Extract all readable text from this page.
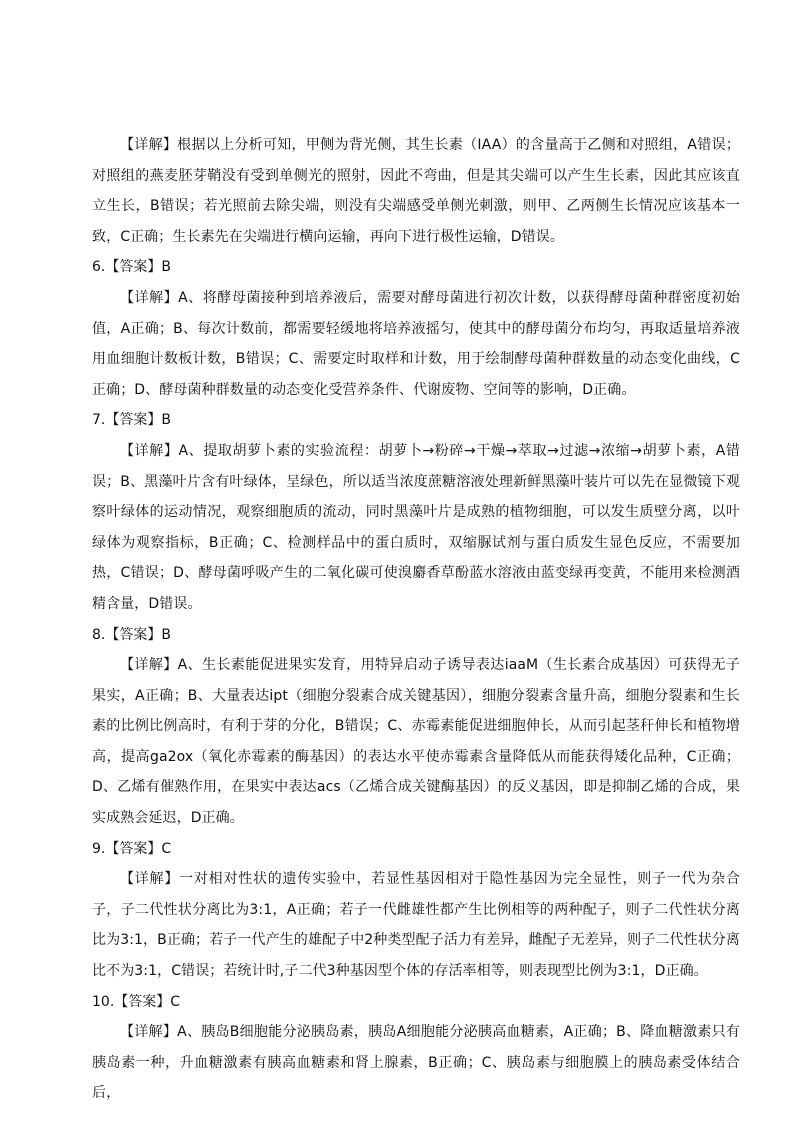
【详解】根据以上分析可知，甲侧为背光侧，其生长素（IAA）的含量高于乙侧和对照组，A错误；对照组的燕麦胚芽鞘没有受到单侧光的照射，因此不弯曲，但是其尖端可以产生生长素，因此其应该直立生长，B错误；若光照前去除尖端，则没有尖端感受单侧光刺激，则甲、乙两侧生长情况应该基本一致，C正确；生长素先在尖端进行横向运输，再向下进行极性运输，D错误。

6.【答案】B

【详解】A、将酵母菌接种到培养液后，需要对酵母菌进行初次计数，以获得酵母菌种群密度初始值，A正确；B、每次计数前，都需要轻缓地将培养液摇匀，使其中的酵母菌分布均匀，再取适量培养液用血细胞计数板计数，B错误；C、需要定时取样和计数，用于绘制酵母菌种群数量的动态变化曲线，C正确；D、酵母菌种群数量的动态变化受营养条件、代谢废物、空间等的影响，D正确。

7.【答案】B

【详解】A、提取胡萝卜素的实验流程：胡萝卜→粉碎→干燥→萃取→过滤→浓缩→胡萝卜素，A错误；B、黑藻叶片含有叶绿体，呈绿色，所以适当浓度蔗糖溶液处理新鲜黑藻叶装片可以先在显微镜下观察叶绿体的运动情况，观察细胞质的流动，同时黑藻叶片是成熟的植物细胞，可以发生质壁分离，以叶绿体为观察指标，B正确；C、检测样品中的蛋白质时，双缩脲试剂与蛋白质发生显色反应，不需要加热，C错误；D、酵母菌呼吸产生的二氧化碳可使溴麝香草酚蓝水溶液由蓝变绿再变黄，不能用来检测酒精含量，D错误。

8.【答案】B

【详解】A、生长素能促进果实发育，用特异启动子诱导表达iaaM（生长素合成基因）可获得无子果实，A正确；B、大量表达ipt（细胞分裂素合成关键基因），细胞分裂素含量升高，细胞分裂素和生长素的比例比例高时，有利于芽的分化，B错误；C、赤霉素能促进细胞伸长，从而引起茎秆伸长和植物增高，提高ga2ox（氧化赤霉素的酶基因）的表达水平使赤霉素含量降低从而能获得矮化品种，C正确；D、乙烯有催熟作用，在果实中表达acs（乙烯合成关键酶基因）的反义基因，即是抑制乙烯的合成，果实成熟会延迟，D正确。

9.【答案】C

【详解】一对相对性状的遗传实验中，若显性基因相对于隐性基因为完全显性，则子一代为杂合子，子二代性状分离比为3:1，A正确；若子一代雌雄性都产生比例相等的两种配子，则子二代性状分离比为3:1，B正确；若子一代产生的雄配子中2种类型配子活力有差异，雌配子无差异，则子二代性状分离比不为3:1，C错误；若统计时,子二代3种基因型个体的存活率相等，则表现型比例为3:1，D正确。

10.【答案】C

【详解】A、胰岛B细胞能分泌胰岛素，胰岛A细胞能分泌胰高血糖素，A正确；B、降血糖激素只有胰岛素一种，升血糖激素有胰高血糖素和肾上腺素，B正确；C、胰岛素与细胞膜上的胰岛素受体结合后，
